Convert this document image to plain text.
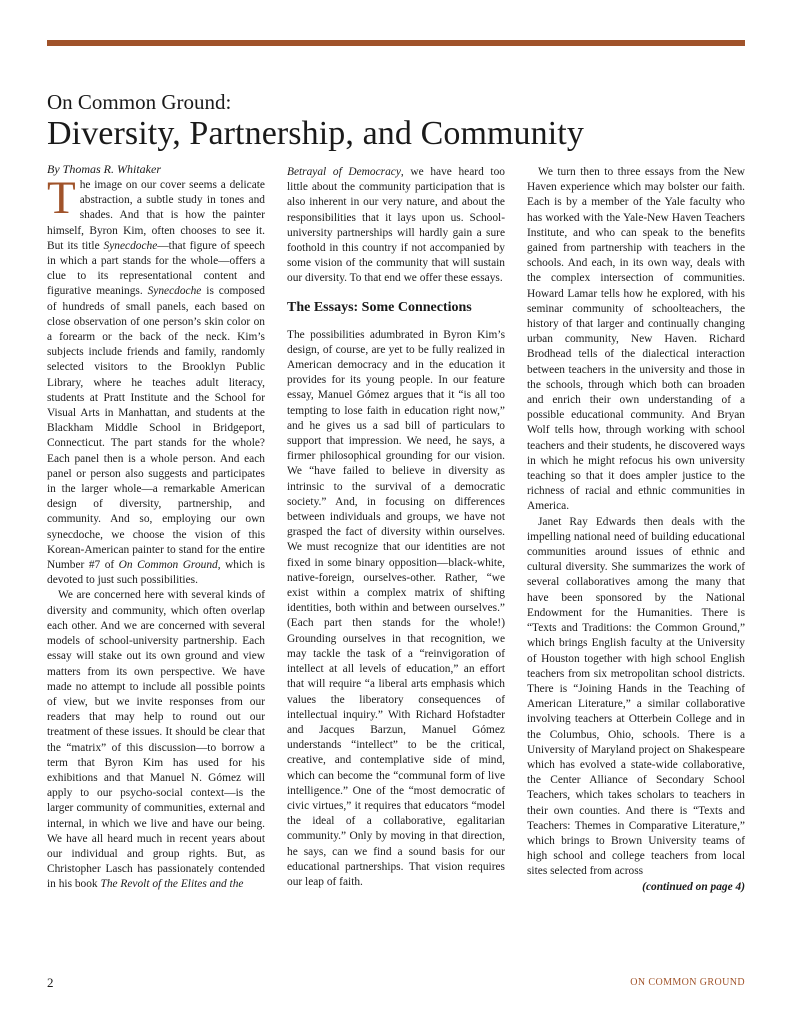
On Common Ground:
Diversity, Partnership, and Community
By Thomas R. Whitaker

The image on our cover seems a delicate abstraction, a subtle study in tones and shades. And that is how the painter himself, Byron Kim, often chooses to see it. But its title Synecdoche—that figure of speech in which a part stands for the whole—offers a clue to its representational content and figurative meanings. Synecdoche is composed of hundreds of small panels, each based on close observation of one person’s skin color on a forearm or the back of the neck. Kim’s subjects include friends and family, randomly selected visitors to the Brooklyn Public Library, where he teaches adult literacy, students at Pratt Institute and the School for Visual Arts in Manhattan, and students at the Blackham Middle School in Bridgeport, Connecticut. The part stands for the whole? Each panel then is a whole person. And each panel or person also suggests and participates in the larger whole—a remarkable American design of diversity, partnership, and community. And so, employing our own synecdoche, we choose the vision of this Korean-American painter to stand for the entire Number #7 of On Common Ground, which is devoted to just such possibilities.

We are concerned here with several kinds of diversity and community, which often overlap each other. And we are concerned with several models of school-university partnership. Each essay will stake out its own ground and view matters from its own perspective. We have made no attempt to include all possible points of view, but we invite responses from our readers that may help to round out our treatment of these issues. It should be clear that the “matrix” of this discussion—to borrow a term that Byron Kim has used for his exhibitions and that Manuel N. Gómez will apply to our psycho-social context—is the larger community of communities, external and internal, in which we live and have our being. We have all heard much in recent years about our individual and group rights. But, as Christopher Lasch has passionately contended in his book The Revolt of the Elites and the

Betrayal of Democracy, we have heard too little about the community participation that is also inherent in our very nature, and about the responsibilities that it lays upon us. School-university partnerships will hardly gain a sure foothold in this country if not accompanied by some vision of the community that will sustain our diversity. To that end we offer these essays.

The Essays: Some Connections

The possibilities adumbrated in Byron Kim’s design, of course, are yet to be fully realized in American democracy and in the education it provides for its young people. In our feature essay, Manuel Gómez argues that it “is all too tempting to lose faith in education right now,” and he gives us a sad bill of particulars to support that impression. We need, he says, a firmer philosophical grounding for our vision. We “have failed to believe in diversity as intrinsic to the survival of a democratic society.” And, in focusing on differences between individuals and groups, we have not grasped the fact of diversity within ourselves. We must recognize that our identities are not fixed in some binary opposition—black-white, native-foreign, ourselves-other. Rather, “we exist within a complex matrix of shifting identities, both within and between ourselves.” (Each part then stands for the whole!) Grounding ourselves in that recognition, we may tackle the task of a “reinvigoration of intellect at all levels of education,” an effort that will require “a liberal arts emphasis which values the liberatory consequences of intellectual inquiry.” With Richard Hofstadter and Jacques Barzun, Manuel Gómez understands “intellect” to be the critical, creative, and contemplative side of mind, which can become the “communal form of live intelligence.” One of the “most democratic of civic virtues,” it requires that educators “model the ideal of a collaborative, egalitarian community.” Only by moving in that direction, he says, can we find a sound basis for our educational partnerships. That vision requires our leap of faith.

We turn then to three essays from the New Haven experience which may bolster our faith. Each is by a member of the Yale faculty who has worked with the Yale-New Haven Teachers Institute, and who can speak to the benefits gained from partnership with teachers in the schools. And each, in its own way, deals with the complex intersection of communities. Howard Lamar tells how he explored, with his seminar community of schoolteachers, the history of that larger and continually changing urban community, New Haven. Richard Brodhead tells of the dialectical interaction between teachers in the university and those in the schools, through which both can broaden and enrich their own understanding of a possible educational community. And Bryan Wolf tells how, through working with school teachers and their students, he discovered ways in which he might refocus his own university teaching so that it does ampler justice to the richness of racial and ethnic communities in America.

Janet Ray Edwards then deals with the impelling national need of building educational communities around issues of ethnic and cultural diversity. She summarizes the work of several collaboratives among the many that have been sponsored by the National Endowment for the Humanities. There is “Texts and Traditions: the Common Ground,” which brings English faculty at the University of Houston together with high school English teachers from six metropolitan school districts. There is “Joining Hands in the Teaching of American Literature,” a similar collaborative involving teachers at Otterbein College and in the Columbus, Ohio, schools. There is a University of Maryland project on Shakespeare which has evolved a state-wide collaborative, the Center Alliance of Secondary School Teachers, which takes scholars to teachers in their own counties. And there is “Texts and Teachers: Themes in Comparative Literature,” which brings to Brown University teams of high school and college teachers from local sites selected from across

(continued on page 4)
2	ON COMMON GROUND
